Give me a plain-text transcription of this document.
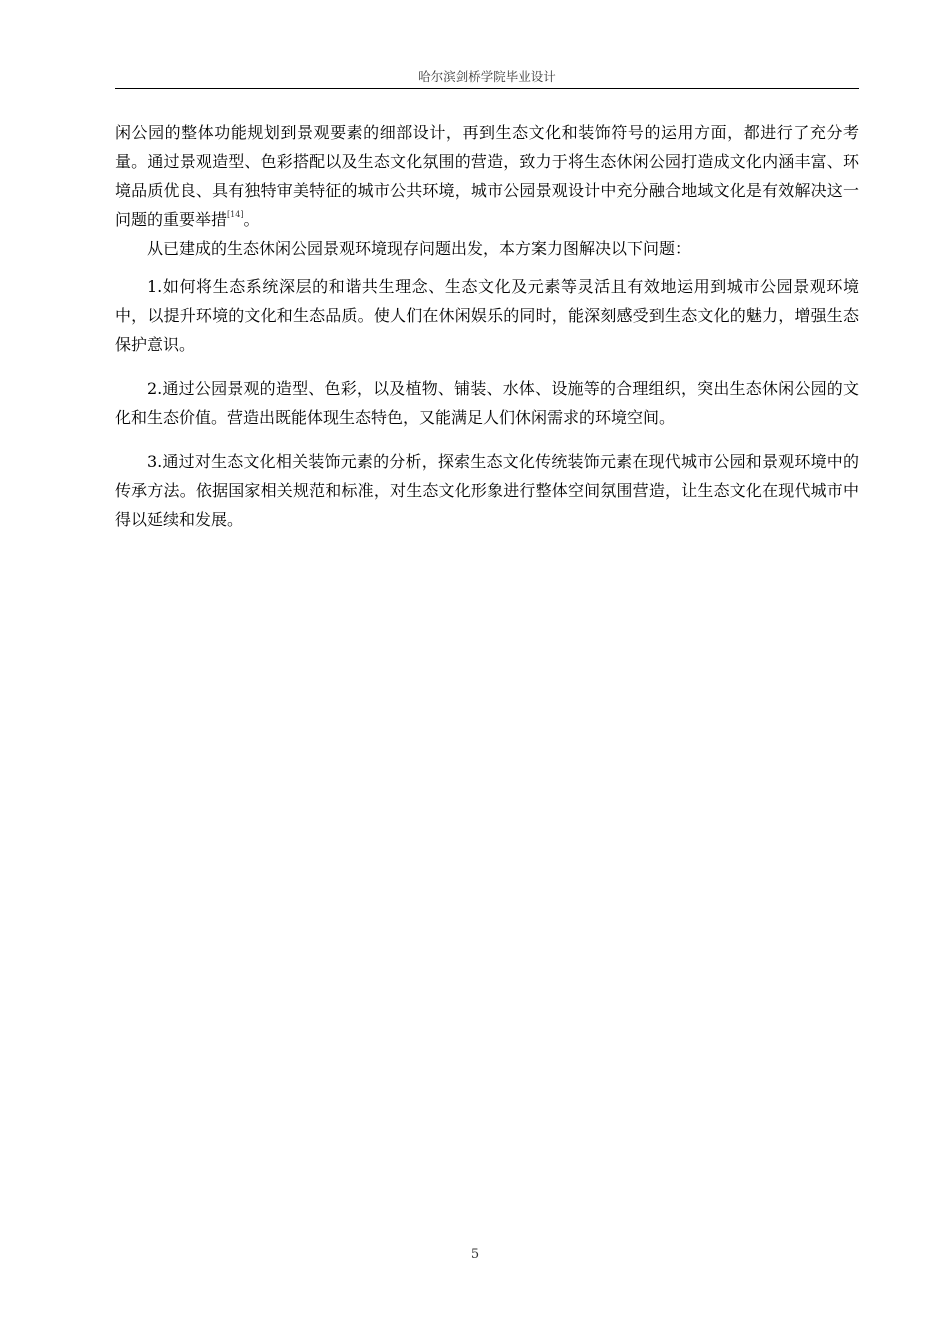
哈尔滨剑桥学院毕业设计

闲公园的整体功能规划到景观要素的细部设计，再到生态文化和装饰符号的运用方面，都进行了充分考量。通过景观造型、色彩搭配以及生态文化氛围的营造，致力于将生态休闲公园打造成文化内涵丰富、环境品质优良、具有独特审美特征的城市公共环境，城市公园景观设计中充分融合地域文化是有效解决这一问题的重要举措[14]。

从已建成的生态休闲公园景观环境现存问题出发，本方案力图解决以下问题：

1.如何将生态系统深层的和谐共生理念、生态文化及元素等灵活且有效地运用到城市公园景观环境中，以提升环境的文化和生态品质。使人们在休闲娱乐的同时，能深刻感受到生态文化的魅力，增强生态保护意识。

2.通过公园景观的造型、色彩，以及植物、铺装、水体、设施等的合理组织，突出生态休闲公园的文化和生态价值。营造出既能体现生态特色，又能满足人们休闲需求的环境空间。

3.通过对生态文化相关装饰元素的分析，探索生态文化传统装饰元素在现代城市公园和景观环境中的传承方法。依据国家相关规范和标准，对生态文化形象进行整体空间氛围营造，让生态文化在现代城市中得以延续和发展。

5
